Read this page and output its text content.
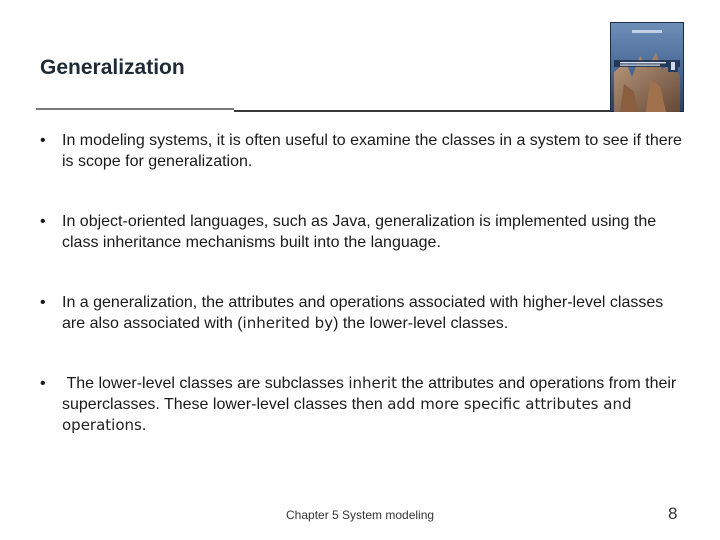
Generalization
•	In modeling systems, it is often useful to examine the classes in a system to see if there is scope for generalization.
•	In object-oriented languages, such as Java, generalization is implemented using the class inheritance mechanisms built into the language.
•	In a generalization, the attributes and operations associated with higher-level classes are also associated with (inherited by) the lower-level classes.
•	The lower-level classes are subclasses inherit the attributes and operations from their superclasses. These lower-level classes then add more specific attributes and operations.
Chapter 5 System modeling	8
